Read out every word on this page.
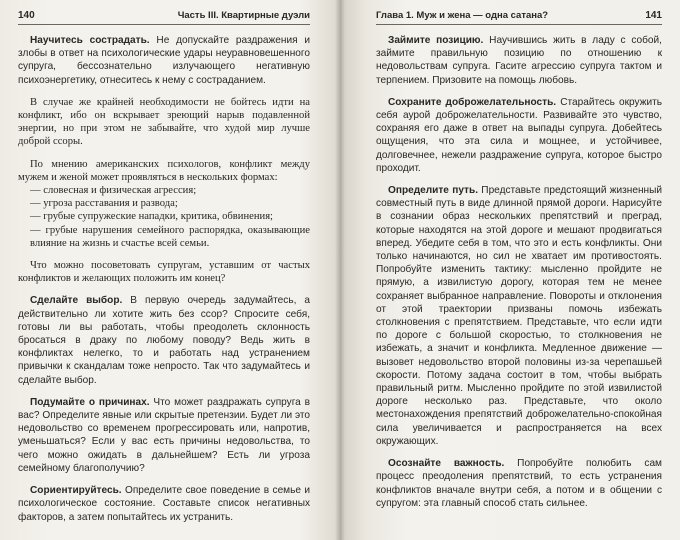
140	Часть III. Квартирные дуэли

Научитесь сострадать. Не допускайте раздражения и злобы в ответ на психологические удары неуравновешенного супруга, бессознательно излучающего негативную психоэнергетику, отнеситесь к нему с состраданием.

В случае же крайней необходимости не бойтесь идти на конфликт, ибо он вскрывает зреющий нарыв подавленной энергии, но при этом не забывайте, что худой мир лучше доброй ссоры.

По мнению американских психологов, конфликт между мужем и женой может проявляться в нескольких формах:

— словесная и физическая агрессия;
— угроза расставания и развода;
— грубые супружеские нападки, критика, обвинения;
— грубые нарушения семейного распорядка, оказывающие влияние на жизнь и счастье всей семьи.

Что можно посоветовать супругам, уставшим от частых конфликтов и желающих положить им конец?

Сделайте выбор. В первую очередь задумайтесь, а действительно ли хотите жить без ссор? Спросите себя, готовы ли вы работать, чтобы преодолеть склонность бросаться в драку по любому поводу? Ведь жить в конфликтах нелегко, то и работать над устранением привычки к скандалам тоже непросто. Так что задумайтесь и сделайте выбор.

Подумайте о причинах. Что может раздражать супруга в вас? Определите явные или скрытые претензии. Будет ли это недовольство со временем прогрессировать или, напротив, уменьшаться? Если у вас есть причины недовольства, то чего можно ожидать в дальнейшем? Есть ли угроза семейному благополучию?

Сориентируйтесь. Определите свое поведение в семье и психологическое состояние. Составьте список негативных факторов, а затем попытайтесь их устранить.

Глава 1. Муж и жена — одна сатана?	141

Займите позицию. Научившись жить в ладу с собой, займите правильную позицию по отношению к недовольствам супруга. Гасите агрессию супруга тактом и терпением. Призовите на помощь любовь.

Сохраните доброжелательность. Старайтесь окружить себя аурой доброжелательности. Развивайте это чувство, сохраняя его даже в ответ на выпады супруга. Добейтесь ощущения, что эта сила и мощнее, и устойчивее, долговечнее, нежели раздражение супруга, которое быстро проходит.

Определите путь. Представьте предстоящий жизненный совместный путь в виде длинной прямой дороги. Нарисуйте в сознании образ нескольких препятствий и преград, которые находятся на этой дороге и мешают продвигаться вперед. Убедите себя в том, что это и есть конфликты. Они только начинаются, но сил не хватает им противостоять. Попробуйте изменить тактику: мысленно пройдите не прямую, а извилистую дорогу, которая тем не менее сохраняет выбранное направление. Повороты и отклонения от этой траектории призваны помочь избежать столкновения с препятствием. Представьте, что если идти по дороге с большой скоростью, то столкновения не избежать, а значит и конфликта. Медленное движение — вызовет недовольство второй половины из-за черепашьей скорости. Потому задача состоит в том, чтобы выбрать правильный ритм. Мысленно пройдите по этой извилистой дороге несколько раз. Представьте, что около местонахождения препятствий доброжелательно-спокойная сила увеличивается и распространяется на всех окружающих.

Осознайте важность. Попробуйте полюбить сам процесс преодоления препятствий, то есть устранения конфликтов вначале внутри себя, а потом и в общении с супругом: эта главный способ стать сильнее.
